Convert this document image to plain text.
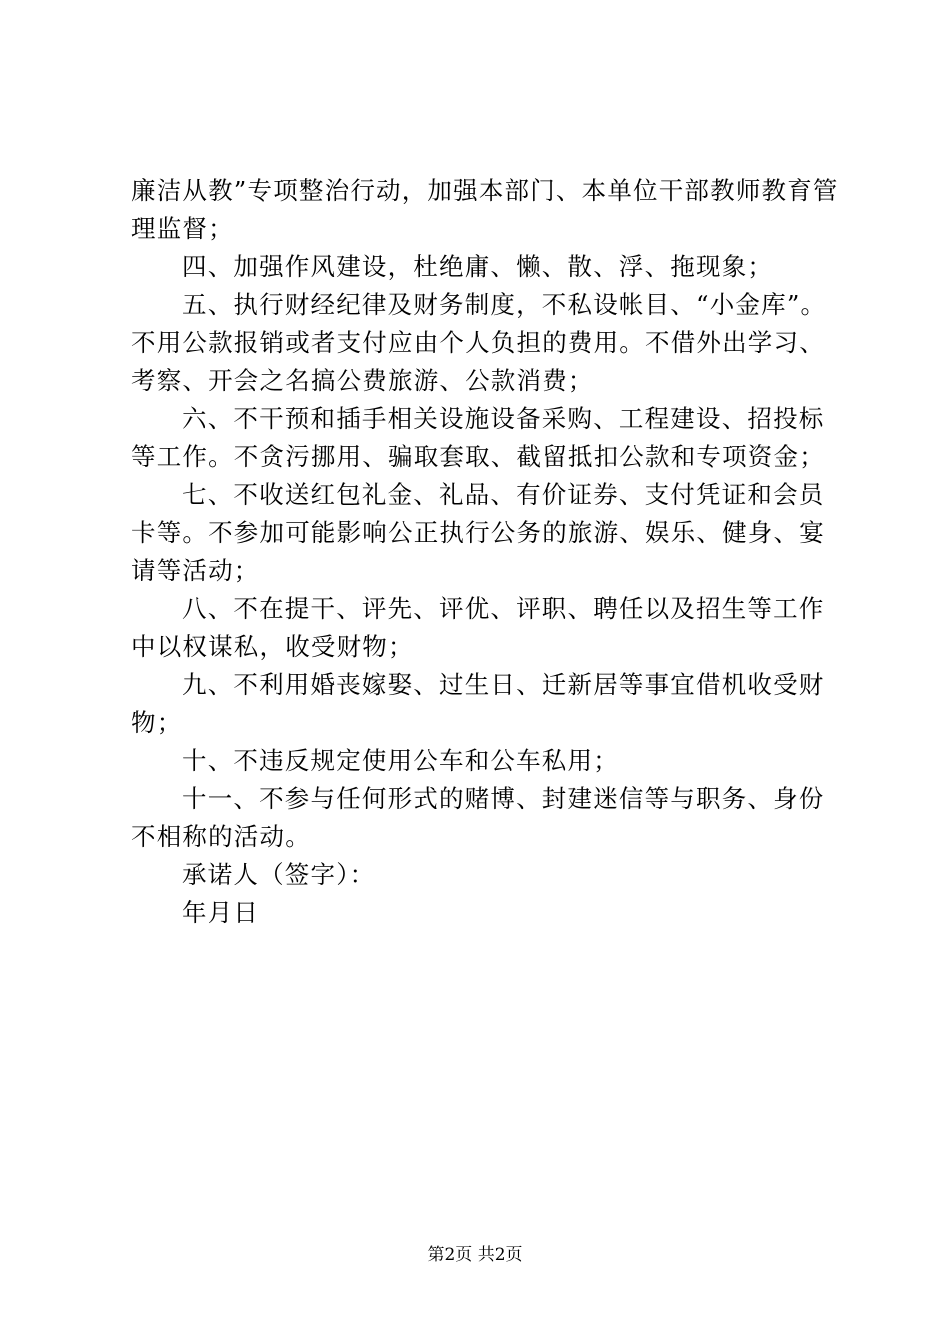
廉洁从教”专项整治行动，加强本部门、本单位干部教师教育管理监督；

四、加强作风建设，杜绝庸、懒、散、浮、拖现象；

五、执行财经纪律及财务制度，不私设帐目、“小金库”。不用公款报销或者支付应由个人负担的费用。不借外出学习、考察、开会之名搞公费旅游、公款消费；

六、不干预和插手相关设施设备采购、工程建设、招投标等工作。不贪污挪用、骗取套取、截留抵扣公款和专项资金；

七、不收送红包礼金、礼品、有价证券、支付凭证和会员卡等。不参加可能影响公正执行公务的旅游、娱乐、健身、宴请等活动；

八、不在提干、评先、评优、评职、聘任以及招生等工作中以权谋私，收受财物；

九、不利用婚丧嫁娶、过生日、迁新居等事宜借机收受财物；

十、不违反规定使用公车和公车私用；

十一、不参与任何形式的赌博、封建迷信等与职务、身份不相称的活动。

承诺人（签字）：

年月日

第2页 共2页
